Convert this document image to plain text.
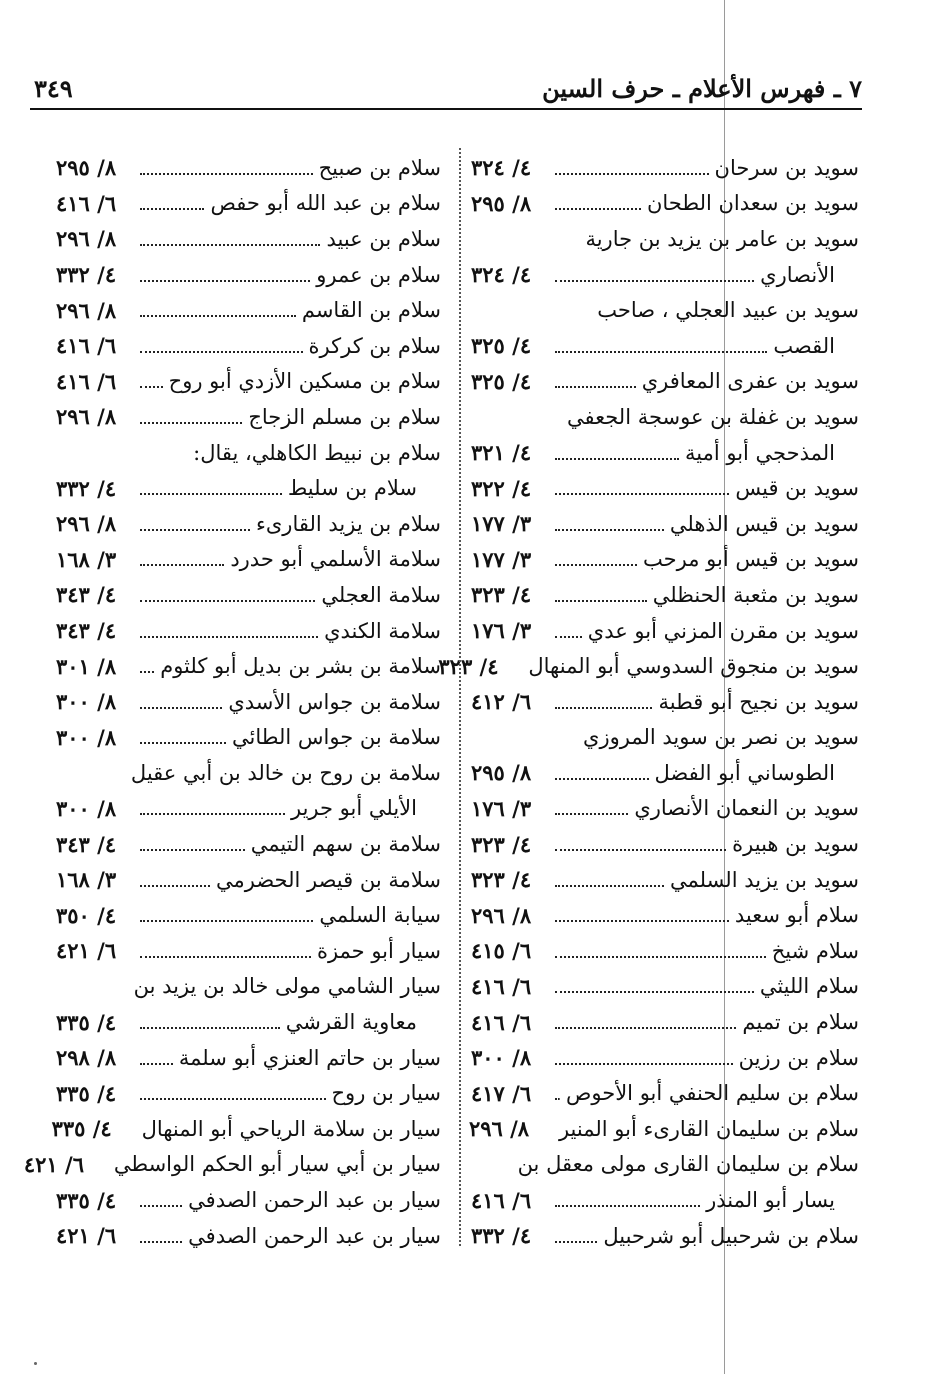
٧ ـ فهرس الأعلام ـ حرف السين
٣٤٩
سويد بن سرحان
٤/ ٣٢٤
سويد بن سعدان الطحان
٨/ ٢٩٥
سويد بن عامر بن يزيد بن جارية
الأنصاري
٤/ ٣٢٤
سويد بن عبيد العجلي ، صاحب
القصب
٤/ ٣٢٥
سويد بن عفرى المعافري
٤/ ٣٢٥
سويد بن غفلة بن عوسجة الجعفي
المذحجي أبو أمية
٤/ ٣٢١
سويد بن قيس
٤/ ٣٢٢
سويد بن قيس الذهلي
٣/ ١٧٧
سويد بن قيس أبو مرحب
٣/ ١٧٧
سويد بن مثعبة الحنظلي
٤/ ٣٢٣
سويد بن مقرن المزني أبو عدي
٣/ ١٧٦
سويد بن منجوق السدوسي أبو المنهال
٤/ ٣٢٣
سويد بن نجيح أبو قطبة
٦/ ٤١٢
سويد بن نصر بن سويد المروزي
الطوساني أبو الفضل
٨/ ٢٩٥
سويد بن النعمان الأنصاري
٣/ ١٧٦
سويد بن هبيرة
٤/ ٣٢٣
سويد بن يزيد السلمي
٤/ ٣٢٣
سلام أبو سعيد
٨/ ٢٩٦
سلام شيخ
٦/ ٤١٥
سلام الليثي
٦/ ٤١٦
سلام بن تميم
٦/ ٤١٦
سلام بن رزين
٨/ ٣٠٠
سلام بن سليم الحنفي أبو الأحوص
٦/ ٤١٧
سلام بن سليمان القارىء أبو المنير
٨/ ٢٩٦
سلام بن سليمان القارى مولى معقل بن
يسار أبو المنذر
٦/ ٤١٦
سلام بن شرحبيل أبو شرحبيل
٤/ ٣٣٢
سلام بن صبيح
٨/ ٢٩٥
سلام بن عبد الله أبو حفص
٦/ ٤١٦
سلام بن عبيد
٨/ ٢٩٦
سلام بن عمرو
٤/ ٣٣٢
سلام بن القاسم
٨/ ٢٩٦
سلام بن كركرة
٦/ ٤١٦
سلام بن مسكين الأزدي أبو روح
٦/ ٤١٦
سلام بن مسلم الزجاج
٨/ ٢٩٦
سلام بن نبيط الكاهلي، يقال:
سلام بن سليط
٤/ ٣٣٢
سلام بن يزيد القارىء
٨/ ٢٩٦
سلامة الأسلمي أبو حدرد
٣/ ١٦٨
سلامة العجلي
٤/ ٣٤٣
سلامة الكندي
٤/ ٣٤٣
سلامة بن بشر بن بديل أبو كلثوم
٨/ ٣٠١
سلامة بن جواس الأسدي
٨/ ٣٠٠
سلامة بن جواس الطائي
٨/ ٣٠٠
سلامة بن روح بن خالد بن أبي عقيل
الأيلي أبو جرير
٨/ ٣٠٠
سلامة بن سهم التيمي
٤/ ٣٤٣
سلامة بن قيصر الحضرمي
٣/ ١٦٨
سيابة السلمي
٤/ ٣٥٠
سيار أبو حمزة
٦/ ٤٢١
سيار الشامي مولى خالد بن يزيد بن
معاوية القرشي
٤/ ٣٣٥
سيار بن حاتم العنزي أبو سلمة
٨/ ٢٩٨
سيار بن روح
٤/ ٣٣٥
سيار بن سلامة الرياحي أبو المنهال
٤/ ٣٣٥
سيار بن أبي سيار أبو الحكم الواسطي
٦/ ٤٢١
سيار بن عبد الرحمن الصدفي
٤/ ٣٣٥
سيار بن عبد الرحمن الصدفي
٦/ ٤٢١
